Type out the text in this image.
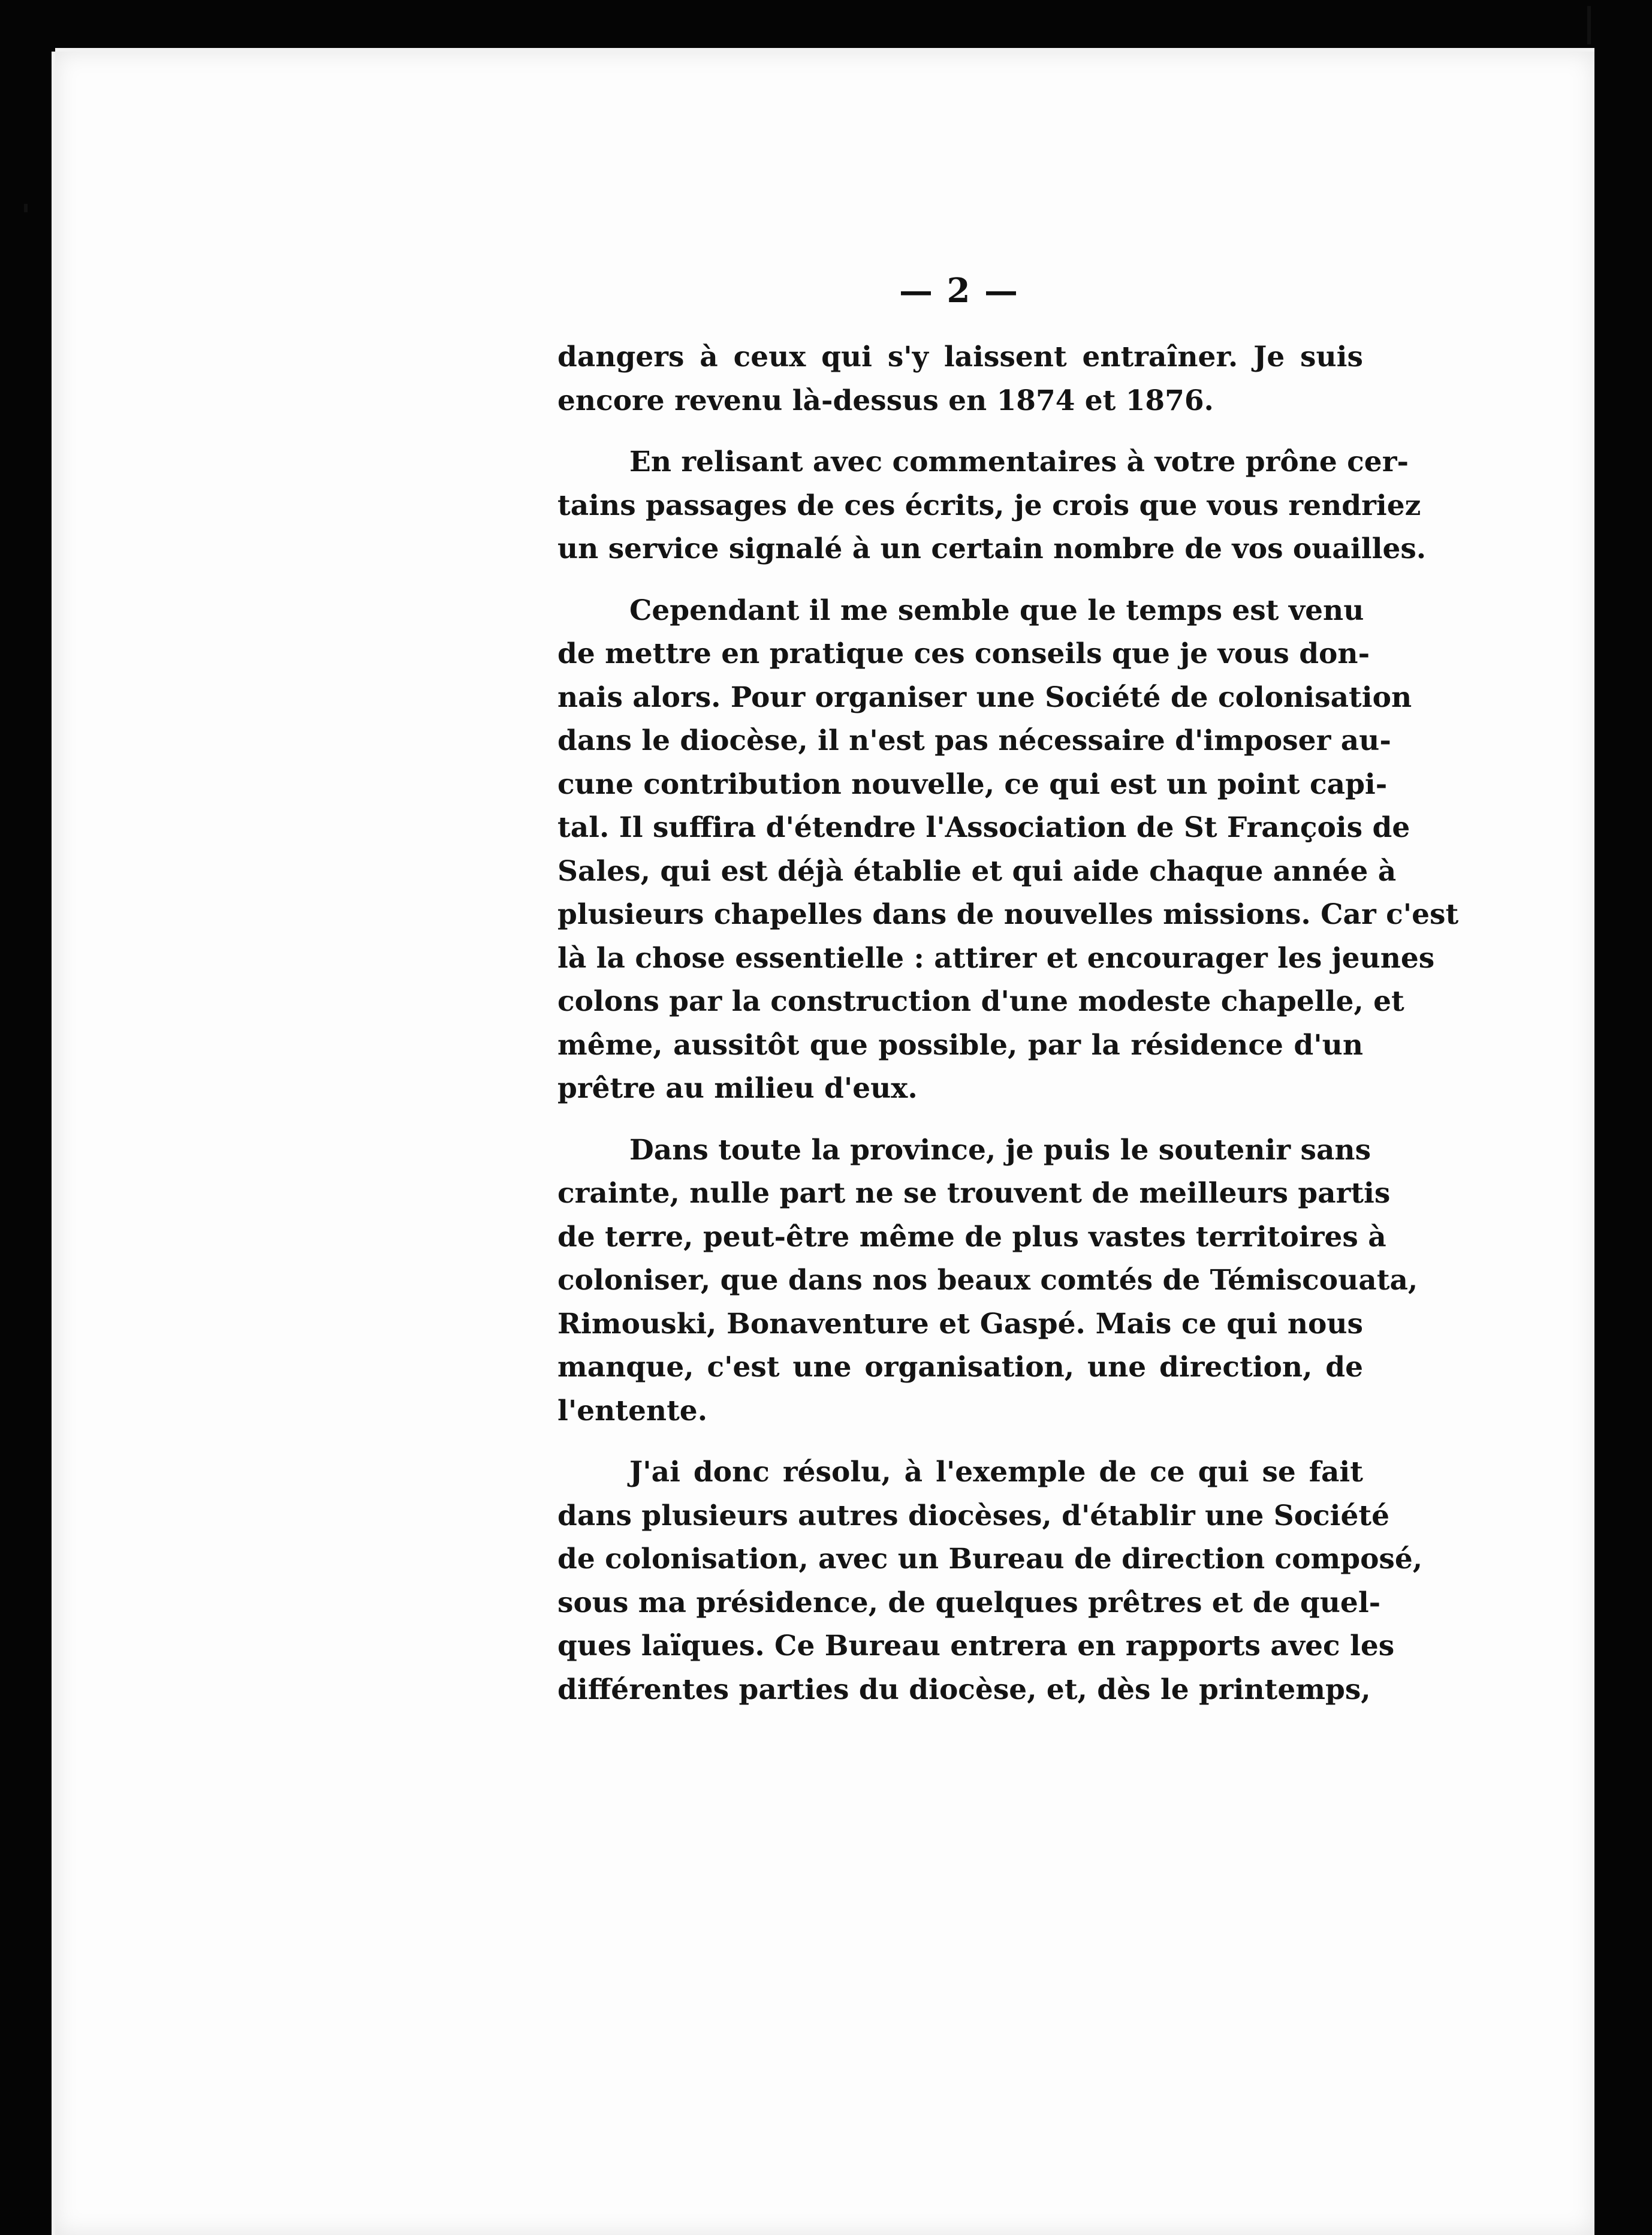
— 2 —
dangers à ceux qui s'y laissent entraîner. Je suis
encore revenu là-dessus en 1874 et 1876.
En relisant avec commentaires à votre prône cer-
tains passages de ces écrits, je crois que vous rendriez
un service signalé à un certain nombre de vos ouailles.
Cependant il me semble que le temps est venu
de mettre en pratique ces conseils que je vous don-
nais alors. Pour organiser une Société de colonisation
dans le diocèse, il n'est pas nécessaire d'imposer au-
cune contribution nouvelle, ce qui est un point capi-
tal. Il suffira d'étendre l'Association de St François de
Sales, qui est déjà établie et qui aide chaque année à
plusieurs chapelles dans de nouvelles missions. Car c'est
là la chose essentielle : attirer et encourager les jeunes
colons par la construction d'une modeste chapelle, et
même, aussitôt que possible, par la résidence d'un
prêtre au milieu d'eux.
Dans toute la province, je puis le soutenir sans
crainte, nulle part ne se trouvent de meilleurs partis
de terre, peut-être même de plus vastes territoires à
coloniser, que dans nos beaux comtés de Témiscouata,
Rimouski, Bonaventure et Gaspé. Mais ce qui nous
manque, c'est une organisation, une direction, de
l'entente.
J'ai donc résolu, à l'exemple de ce qui se fait
dans plusieurs autres diocèses, d'établir une Société
de colonisation, avec un Bureau de direction composé,
sous ma présidence, de quelques prêtres et de quel-
ques laïques. Ce Bureau entrera en rapports avec les
différentes parties du diocèse, et, dès le printemps,
